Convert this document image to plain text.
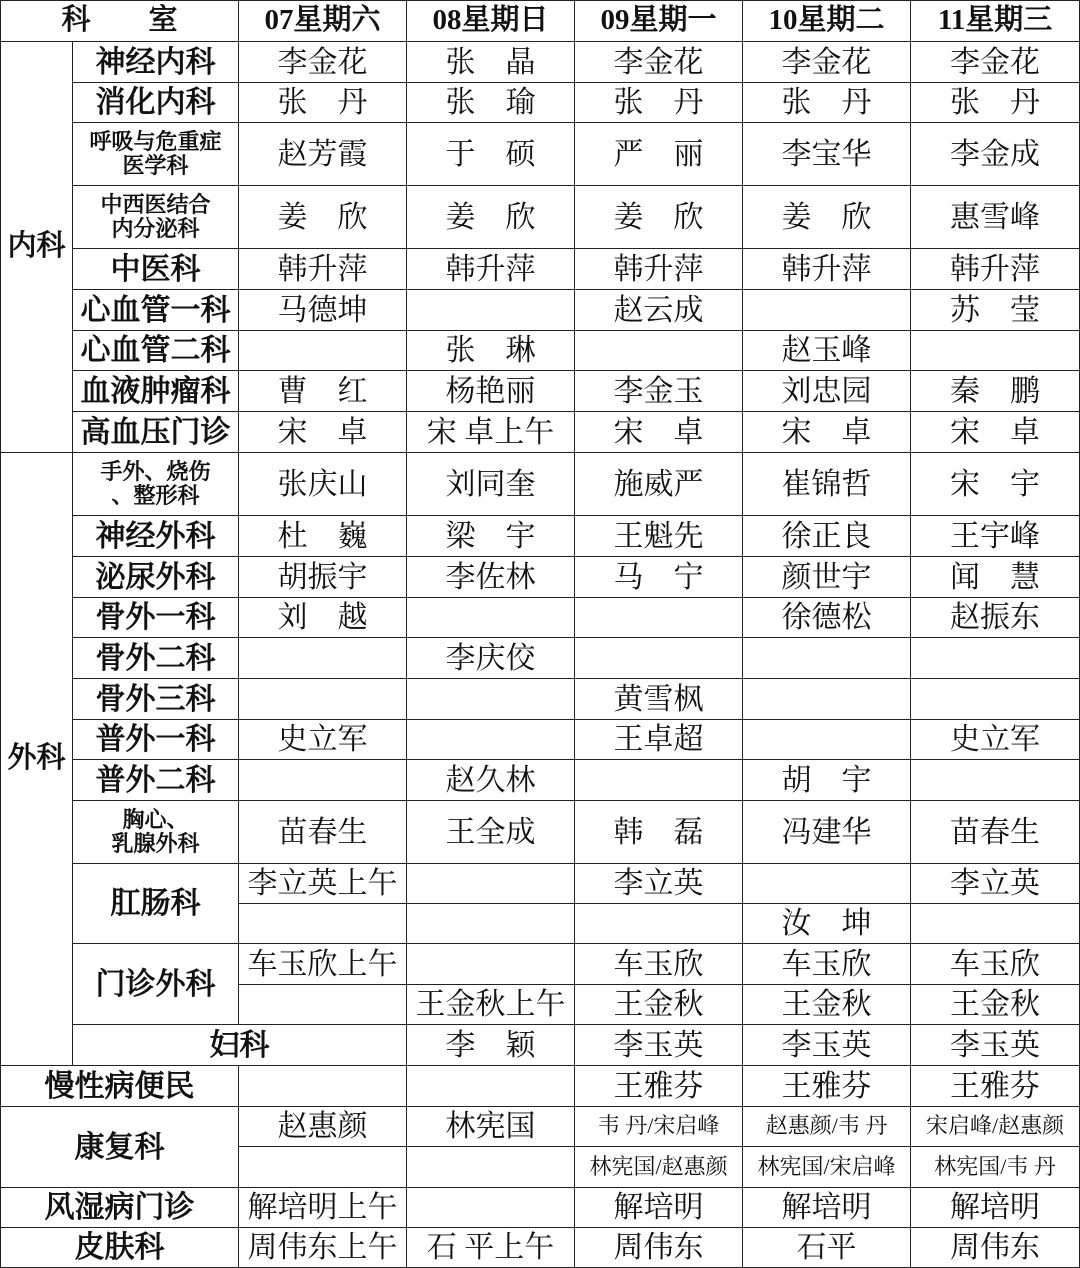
科　　室		07星期六	08星期日	09星期一	10星期二	11星期三	
内科	神经内科	李金花	张　晶	李金花	李金花	李金花	
	消化内科	张　丹	张　瑜	张　丹	张　丹	张　丹	

	呼吸与危重症
医学科	赵芳霞	于　硕	严　丽	李宝华	李金成	

	中西医结合
内分泌科	姜　欣	姜　欣	姜　欣	姜　欣	惠雪峰	
	中医科	韩升萍	韩升萍	韩升萍	韩升萍	韩升萍	
	心血管一科	马德坤		赵云成		苏　莹	
	心血管二科		张　琳		赵玉峰		
	血液肿瘤科	曹　红	杨艳丽	李金玉	刘忠园	秦　鹏	
	高血压门诊	宋　卓	宋 卓上午	宋　卓	宋　卓	宋　卓	
外科	手外、烧伤
、整形科	张庆山	刘同奎	施威严	崔锦哲	宋　宇	
	神经外科	杜　巍	梁　宇	王魁先	徐正良	王宇峰	
	泌尿外科	胡振宇	李佐林	马　宁	颜世宇	闻　慧	
	骨外一科	刘　越			徐德松	赵振东	
	骨外二科		李庆佼				
	骨外三科			黄雪枫			
	普外一科	史立军		王卓超		史立军	
	普外二科		赵久林		胡　宇		

	胸心、
乳腺外科	苗春生	王全成	韩　磊	冯建华	苗春生	
	肛肠科	李立英上午		李立英		李立英	
					汝　坤		
	门诊外科	车玉欣上午		车玉欣	车玉欣	车玉欣	
			王金秋上午	王金秋	王金秋	王金秋	
	妇科		李　颖	李玉英	李玉英	李玉英	
慢性病便民				王雅芬	王雅芬	王雅芬	
康复科		赵惠颜	林宪国	韦 丹/宋启峰	赵惠颜/韦 丹	宋启峰/赵惠颜	
				林宪国/赵惠颜	林宪国/宋启峰	林宪国/韦 丹	
风湿病门诊		解培明上午		解培明	解培明	解培明	
皮肤科		周伟东上午	石 平上午	周伟东	石平	周伟东	
